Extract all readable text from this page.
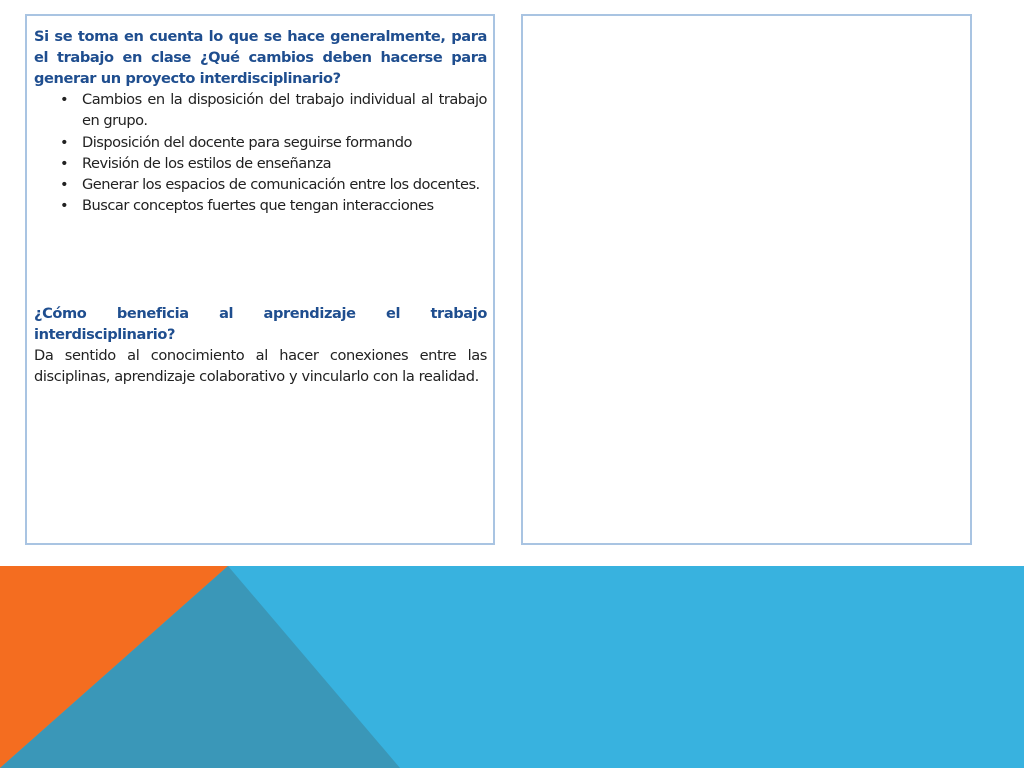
Si se toma en cuenta lo que se hace generalmente, para el trabajo en clase ¿Qué cambios deben hacerse para generar un proyecto interdisciplinario?

• Cambios en la disposición del trabajo individual al trabajo en grupo.
• Disposición del docente para seguirse formando
• Revisión de los estilos de enseñanza
• Generar los espacios de comunicación entre los docentes.
• Buscar conceptos fuertes que tengan interacciones

¿Cómo beneficia al aprendizaje el trabajo interdisciplinario?

Da sentido al conocimiento al hacer conexiones entre las disciplinas, aprendizaje colaborativo y vincularlo con la realidad.
